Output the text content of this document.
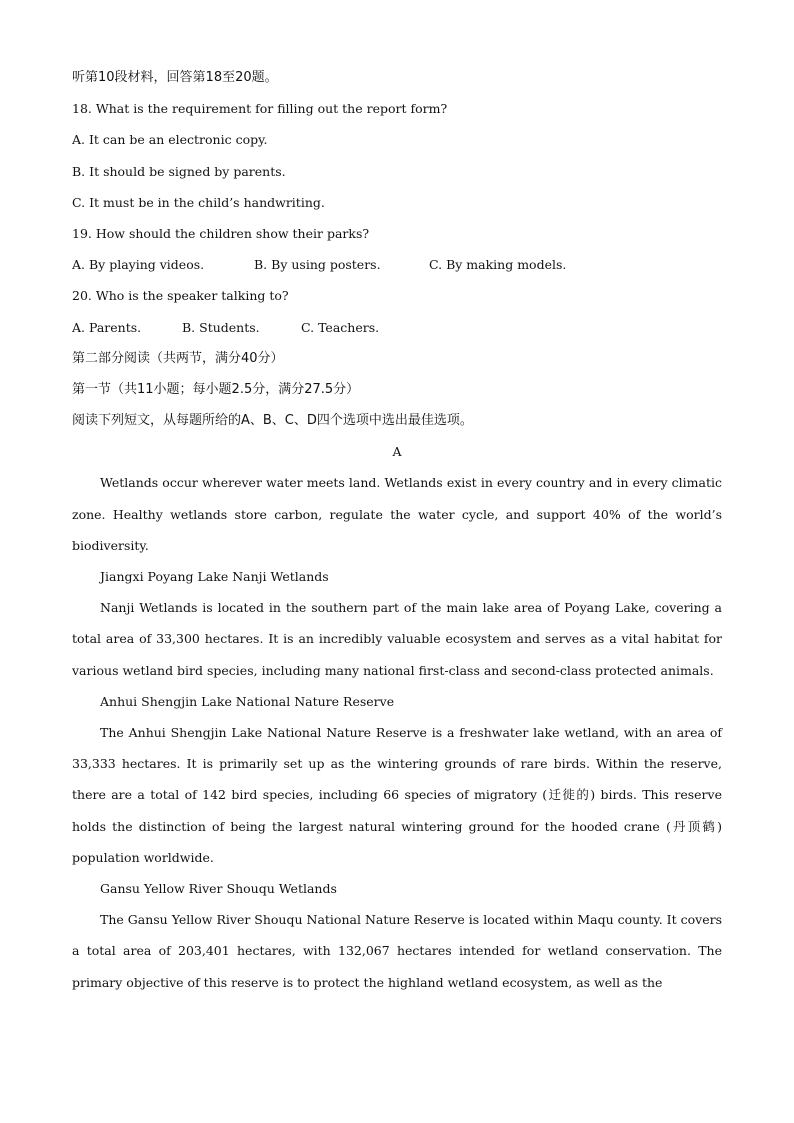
听第10段材料，回答第18至20题。
18. What is the requirement for filling out the report form?
A. It can be an electronic copy.
B. It should be signed by parents.
C. It must be in the child’s handwriting.
19. How should the children show their parks?
A. By playing videos.	B. By using posters.	C. By making models.
20. Who is the speaker talking to?
A. Parents.	B. Students.	C. Teachers.
第二部分阅读（共两节，满分40分）
第一节（共11小题；每小题2.5分，满分27.5分）
阅读下列短文，从每题所给的A、B、C、D四个选项中选出最佳选项。
A
Wetlands occur wherever water meets land. Wetlands exist in every country and in every climatic zone. Healthy wetlands store carbon, regulate the water cycle, and support 40% of the world’s biodiversity.
Jiangxi Poyang Lake Nanji Wetlands
Nanji Wetlands is located in the southern part of the main lake area of Poyang Lake, covering a total area of 33,300 hectares. It is an incredibly valuable ecosystem and serves as a vital habitat for various wetland bird species, including many national first-class and second-class protected animals.
Anhui Shengjin Lake National Nature Reserve
The Anhui Shengjin Lake National Nature Reserve is a freshwater lake wetland, with an area of 33,333 hectares. It is primarily set up as the wintering grounds of rare birds. Within the reserve, there are a total of 142 bird species, including 66 species of migratory (迁徙的) birds. This reserve holds the distinction of being the largest natural wintering ground for the hooded crane (丹顶鹤) population worldwide.
Gansu Yellow River Shouqu Wetlands
The Gansu Yellow River Shouqu National Nature Reserve is located within Maqu county. It covers a total area of 203,401 hectares, with 132,067 hectares intended for wetland conservation. The primary objective of this reserve is to protect the highland wetland ecosystem, as well as the
